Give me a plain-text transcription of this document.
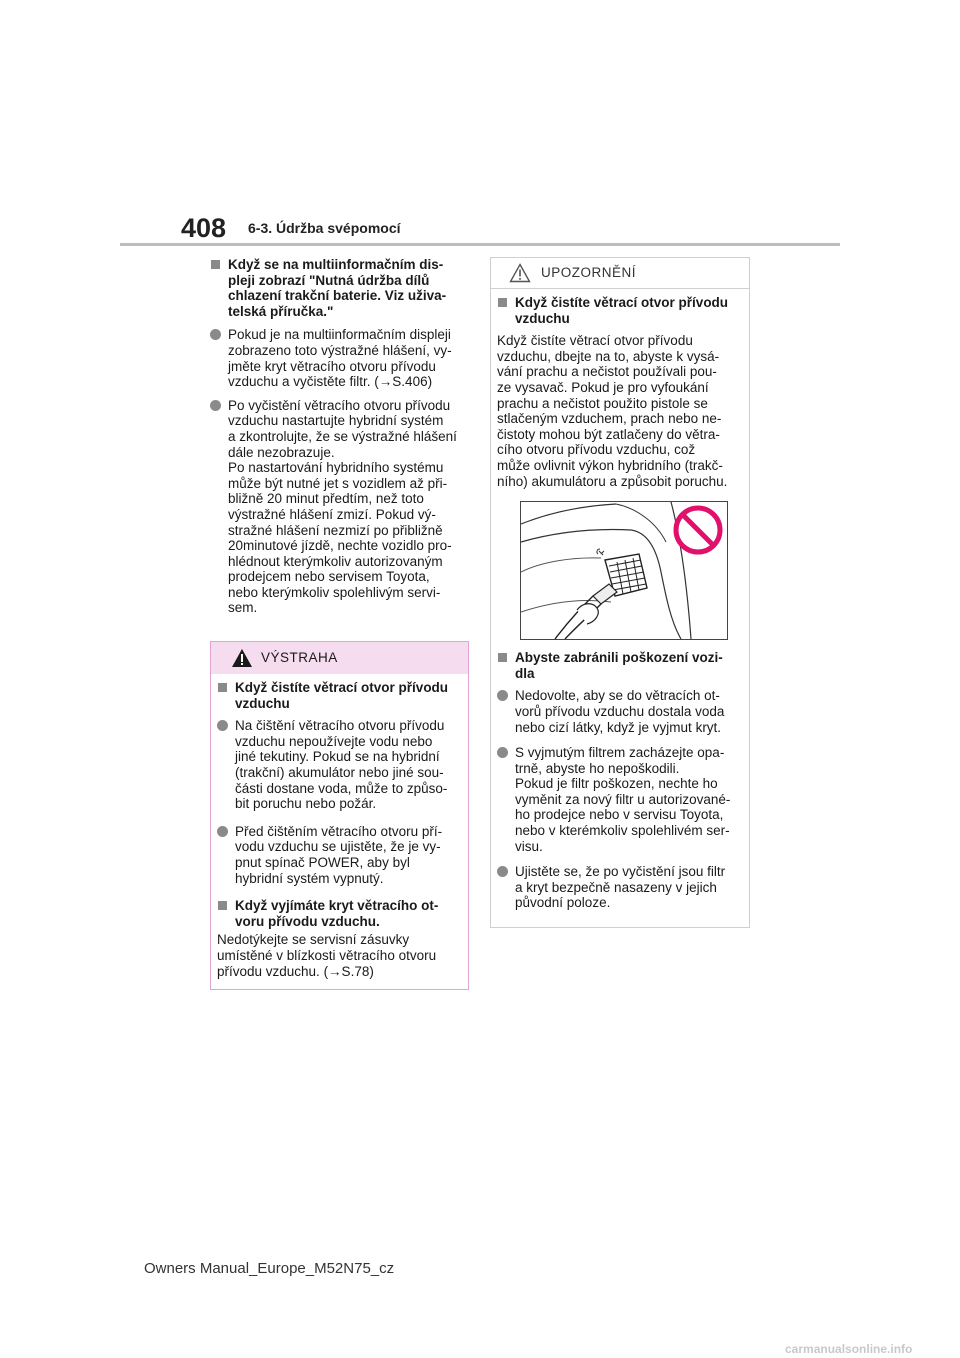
408 6-3. Údržba svépomocí
Když se na multiinformačním dis-
pleji zobrazí "Nutná údržba dílů
chlazení trakční baterie. Viz uživa-
telská příručka."
Pokud je na multiinformačním displeji
zobrazeno toto výstražné hlášení, vy-
jměte kryt větracího otvoru přívodu
vzduchu a vyčistěte filtr. (→S.406)
Po vyčistění větracího otvoru přívodu
vzduchu nastartujte hybridní systém
a zkontrolujte, že se výstražné hlášení
dále nezobrazuje.
Po nastartování hybridního systému
může být nutné jet s vozidlem až při-
bližně 20 minut předtím, než toto
výstražné hlášení zmizí. Pokud vý-
stražné hlášení nezmizí po přibližně
20minutové jízdě, nechte vozidlo pro-
hlédnout kterýmkoliv autorizovaným
prodejcem nebo servisem Toyota,
nebo kterýmkoliv spolehlivým servi-
sem.
VÝSTRAHA
Když čistíte větrací otvor přívodu
vzduchu
Na čištění větracího otvoru přívodu
vzduchu nepoužívejte vodu nebo
jiné tekutiny. Pokud se na hybridní
(trakční) akumulátor nebo jiné sou-
části dostane voda, může to způso-
bit poruchu nebo požár.
Před čištěním větracího otvoru pří-
vodu vzduchu se ujistěte, že je vy-
pnut spínač POWER, aby byl
hybridní systém vypnutý.
Když vyjímáte kryt větracího ot-
voru přívodu vzduchu.
Nedotýkejte se servisní zásuvky
umístěné v blízkosti větracího otvoru
přívodu vzduchu. (→S.78)
UPOZORNĚNÍ
Když čistíte větrací otvor přívodu
vzduchu
Když čistíte větrací otvor přívodu
vzduchu, dbejte na to, abyste k vysá-
vání prachu a nečistot používali pou-
ze vysavač. Pokud je pro vyfoukání
prachu a nečistot použito pistole se
stlačeným vzduchem, prach nebo ne-
čistoty mohou být zatlačeny do větra-
cího otvoru přívodu vzduchu, což
může ovlivnit výkon hybridního (trakč-
ního) akumulátoru a způsobit poruchu.
Abyste zabránili poškození vozi-
dla
Nedovolte, aby se do větracích ot-
vorů přívodu vzduchu dostala voda
nebo cizí látky, když je vyjmut kryt.
S vyjmutým filtrem zacházejte opa-
trně, abyste ho nepoškodili.
Pokud je filtr poškozen, nechte ho
vyměnit za nový filtr u autorizované-
ho prodejce nebo v servisu Toyota,
nebo v kterémkoliv spolehlivém ser-
visu.
Ujistěte se, že po vyčistění jsou filtr
a kryt bezpečně nasazeny v jejich
původní poloze.
Owners Manual_Europe_M52N75_cz
carmanualsonline.info
